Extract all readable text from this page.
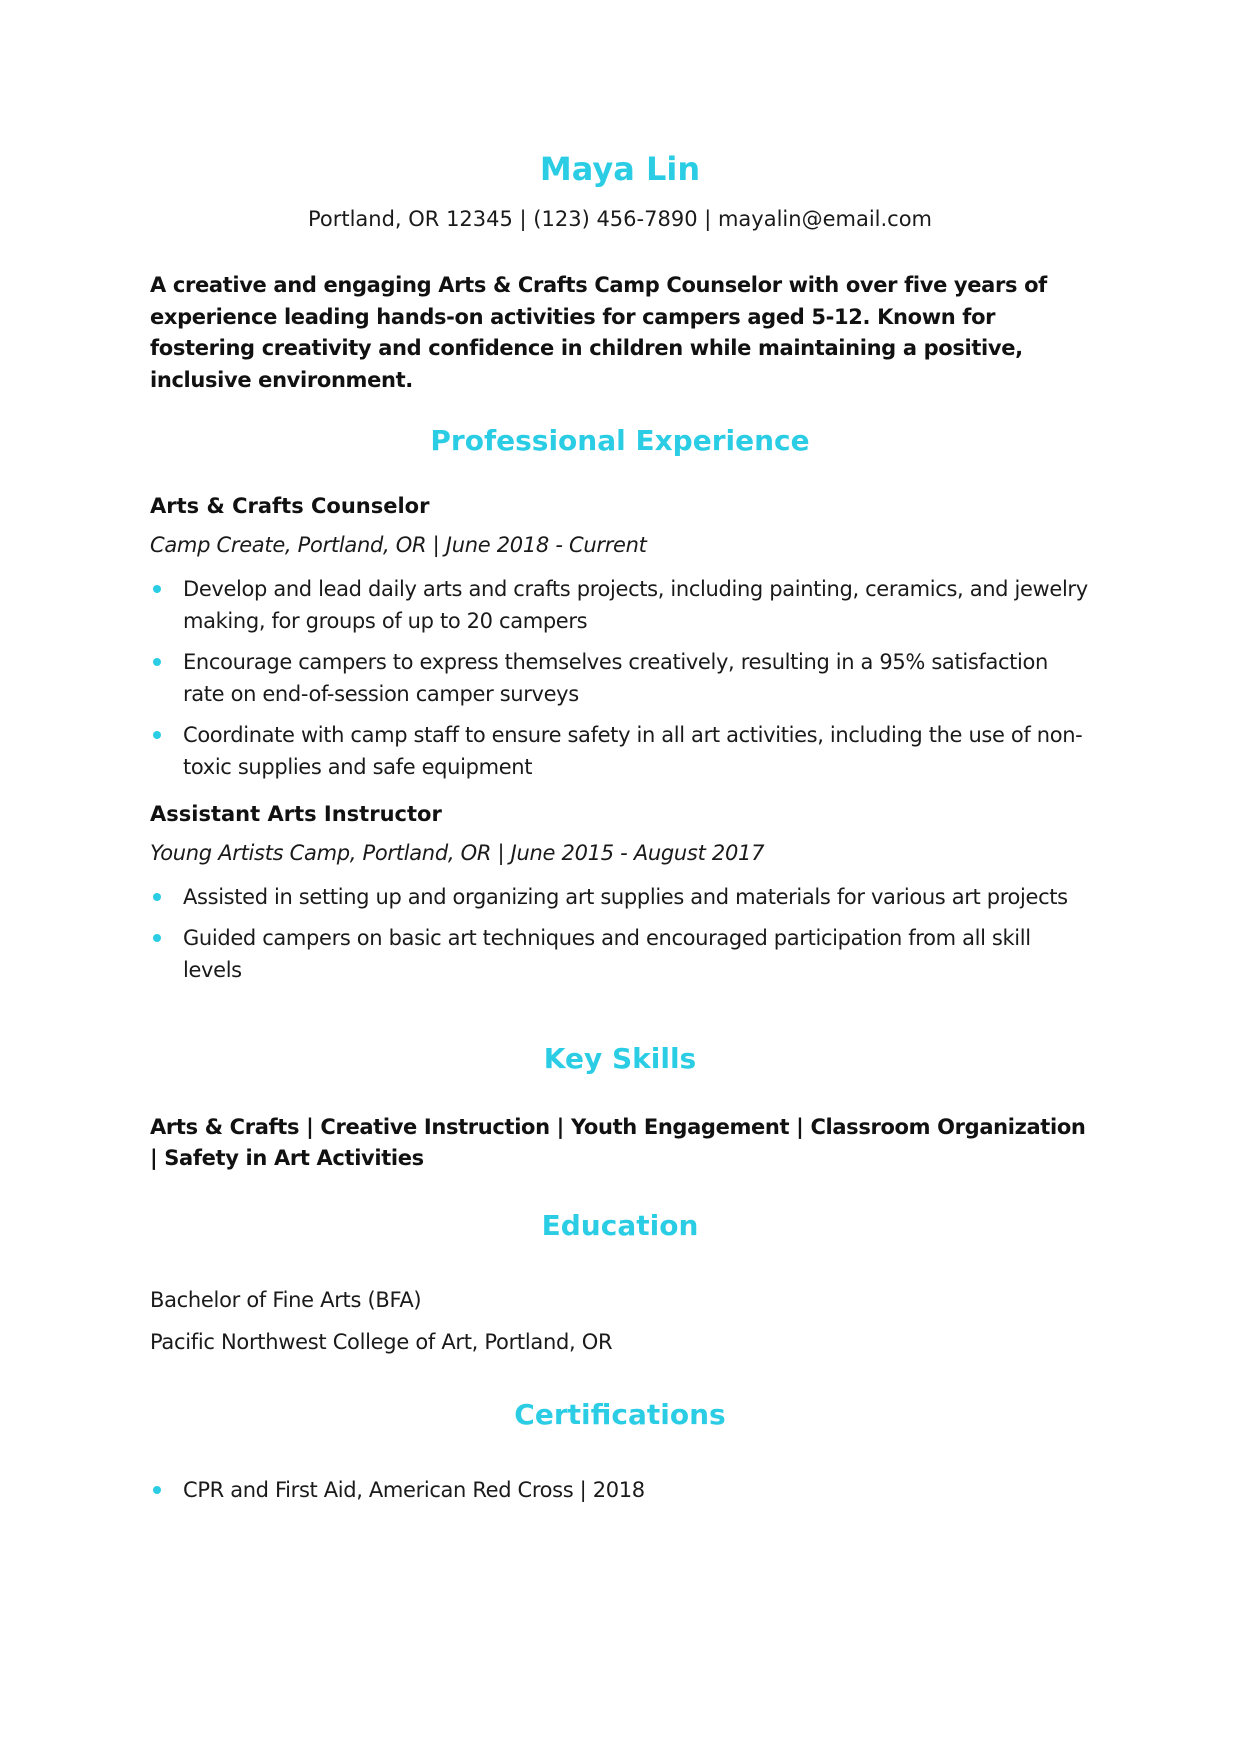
Maya Lin
Portland, OR 12345 | (123) 456-7890 | mayalin@email.com

A creative and engaging Arts & Crafts Camp Counselor with over five years of experience leading hands-on activities for campers aged 5-12. Known for fostering creativity and confidence in children while maintaining a positive, inclusive environment.

Professional Experience
Arts & Crafts Counselor
Camp Create, Portland, OR | June 2018 - Current
Develop and lead daily arts and crafts projects, including painting, ceramics, and jewelry making, for groups of up to 20 campers
Encourage campers to express themselves creatively, resulting in a 95% satisfaction rate on end-of-session camper surveys
Coordinate with camp staff to ensure safety in all art activities, including the use of non-toxic supplies and safe equipment
Assistant Arts Instructor
Young Artists Camp, Portland, OR | June 2015 - August 2017
Assisted in setting up and organizing art supplies and materials for various art projects
Guided campers on basic art techniques and encouraged participation from all skill levels
Key Skills

Arts & Crafts | Creative Instruction | Youth Engagement | Classroom Organization | Safety in Art Activities

Education
Bachelor of Fine Arts (BFA)
Pacific Northwest College of Art, Portland, OR
Certifications
CPR and First Aid, American Red Cross | 2018
